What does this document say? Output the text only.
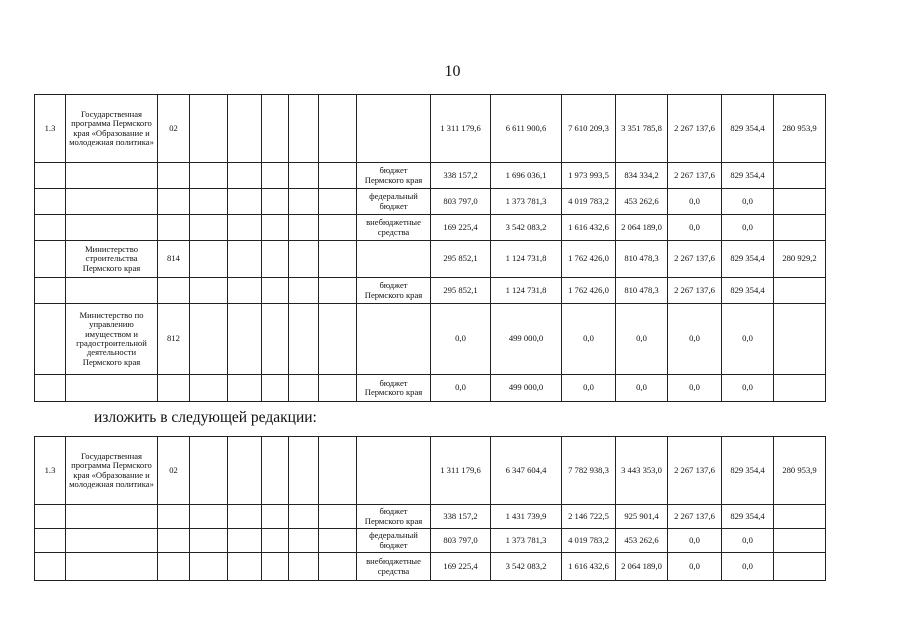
10
1.3	Государственная программа Пермского края «Образование и молодежная политика»	02							1 311 179,6	6 611 900,6	7 610 209,3	3 351 785,8	2 267 137,6	829 354,4	280 953,9
								бюджет Пермского края	338 157,2	1 696 036,1	1 973 993,5	834 334,2	2 267 137,6	829 354,4	
								федеральный бюджет	803 797,0	1 373 781,3	4 019 783,2	453 262,6	0,0	0,0	
								внебюджетные средства	169 225,4	3 542 083,2	1 616 432,6	2 064 189,0	0,0	0,0	
	Министерство строительства Пермского края	814							295 852,1	1 124 731,8	1 762 426,0	810 478,3	2 267 137,6	829 354,4	280 929,2
								бюджет Пермского края	295 852,1	1 124 731,8	1 762 426,0	810 478,3	2 267 137,6	829 354,4	
	Министерство по управлению имуществом и градостроительной деятельности Пермского края	812							0,0	499 000,0	0,0	0,0	0,0	0,0	
								бюджет Пермского края	0,0	499 000,0	0,0	0,0	0,0	0,0	
изложить в следующей редакции:
1.3	Государственная программа Пермского края «Образование и молодежная политика»	02							1 311 179,6	6 347 604,4	7 782 938,3	3 443 353,0	2 267 137,6	829 354,4	280 953,9
								бюджет Пермского края	338 157,2	1 431 739,9	2 146 722,5	925 901,4	2 267 137,6	829 354,4	
								федеральный бюджет	803 797,0	1 373 781,3	4 019 783,2	453 262,6	0,0	0,0	
								внебюджетные средства	169 225,4	3 542 083,2	1 616 432,6	2 064 189,0	0,0	0,0	
